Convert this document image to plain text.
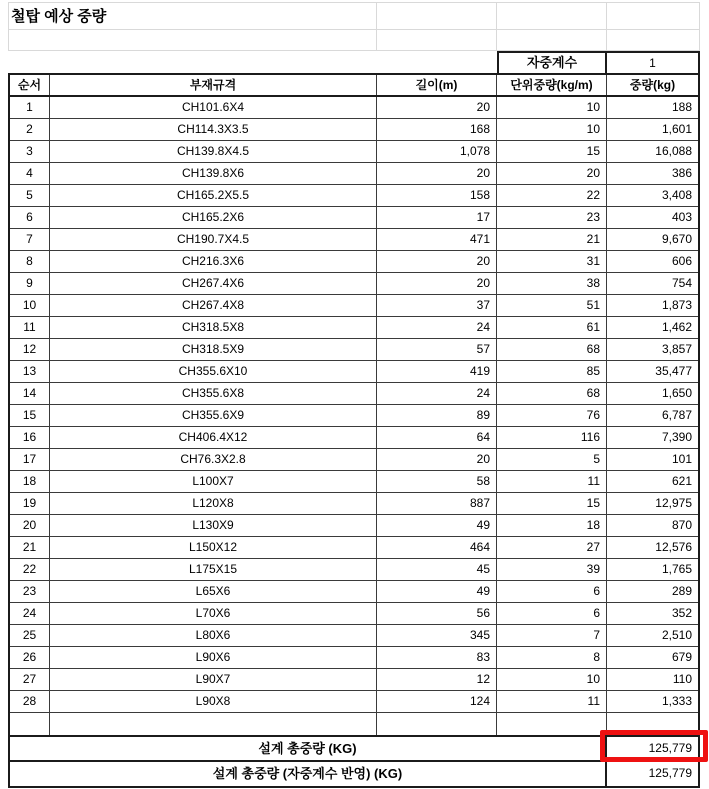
철탑 예상 중량
자중계수	1
순서	부재규격	길이(m)	단위중량(kg/m)	중량(kg)
1	CH101.6X4	20	10	188
2	CH114.3X3.5	168	10	1,601
3	CH139.8X4.5	1,078	15	16,088
4	CH139.8X6	20	20	386
5	CH165.2X5.5	158	22	3,408
6	CH165.2X6	17	23	403
7	CH190.7X4.5	471	21	9,670
8	CH216.3X6	20	31	606
9	CH267.4X6	20	38	754
10	CH267.4X8	37	51	1,873
11	CH318.5X8	24	61	1,462
12	CH318.5X9	57	68	3,857
13	CH355.6X10	419	85	35,477
14	CH355.6X8	24	68	1,650
15	CH355.6X9	89	76	6,787
16	CH406.4X12	64	116	7,390
17	CH76.3X2.8	20	5	101
18	L100X7	58	11	621
19	L120X8	887	15	12,975
20	L130X9	49	18	870
21	L150X12	464	27	12,576
22	L175X15	45	39	1,765
23	L65X6	49	6	289
24	L70X6	56	6	352
25	L80X6	345	7	2,510
26	L90X6	83	8	679
27	L90X7	12	10	110
28	L90X8	124	11	1,333
설계 총중량 (KG)	125,779
설계 총중량 (자중계수 반영) (KG)	125,779
